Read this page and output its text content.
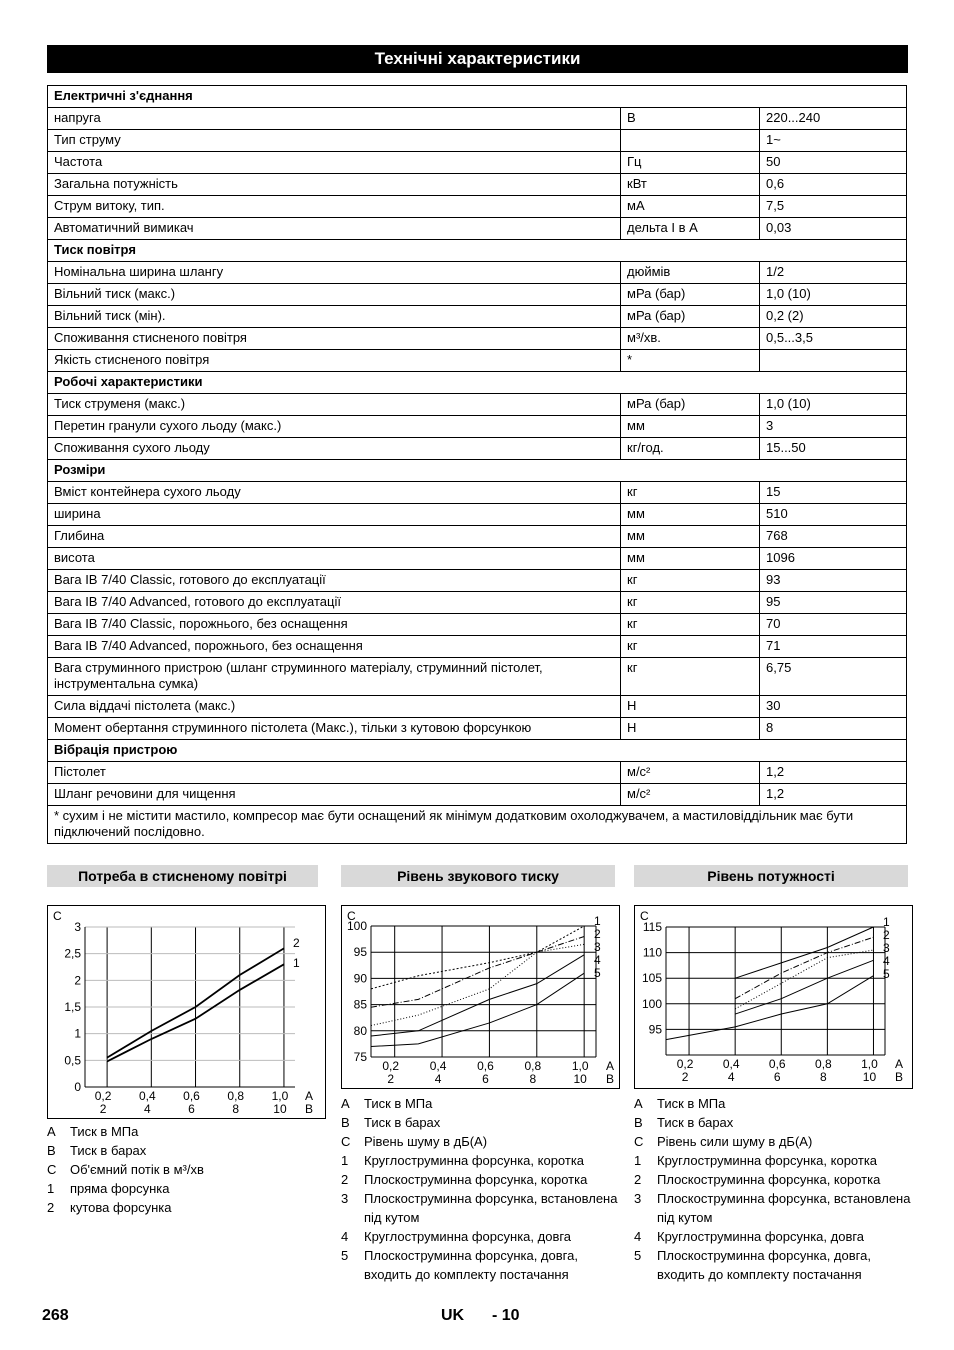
Технічні характеристики
Електричні з'єднання		
напруга	В	220...240
Тип струму		1~
Частота	Гц	50
Загальна потужність	кВт	0,6
Струм витоку, тип.	мА	7,5
Автоматичний вимикач	дельта I в A	0,03
Тиск повітря		
Номінальна ширина шлангу	дюймів	1/2
Вільний тиск (макс.)	мРа (бар)	1,0 (10)
Вільний тиск (мін).	мРа (бар)	0,2 (2)
Споживання стисненого повітря	м³/хв.	0,5...3,5
Якість стисненого повітря	*	
Робочі характеристики		
Тиск струменя (макс.)	мРа (бар)	1,0 (10)
Перетин гранули сухого льоду (макс.)	мм	3
Споживання сухого льоду	кг/год.	15...50
Розміри		
Вміст контейнера сухого льоду	кг	15
ширина	мм	510
Глибина	мм	768
висота	мм	1096
Вага IB 7/40 Classic, готового до експлуатації	кг	93
Вага IB 7/40 Advanced, готового до експлуатації	кг	95
Вага IB 7/40 Classic, порожнього, без оснащення	кг	70
Вага IB 7/40 Advanced, порожнього, без оснащення	кг	71
Вага струминного пристрою (шланг струминного матеріалу, струминний пістолет, інструментальна сумка)	кг	6,75
Сила віддачі пістолета (макс.)	Н	30
Момент обертання струминного пістолета (Макс.), тільки з кутовою форсункою	Н	8
Вібрація пристрою		
Пістолет	м/с²	1,2
Шланг речовини для чищення	м/с²	1,2
* сухим і не містити мастило, компресор має бути оснащений як мінімум додатковим охолоджувачем, а мастиловіддільник має бути підключений послідовно.		
Потреба в стисненому повітрі	Рівень звукового тиску	Рівень потужності
0,2
2
0,4
4
0,6
6
0,8
8
1,0
10
0
0,5
1
1,5
2
2,5
3
C
A
B
2
1
0,2
2
0,4
4
0,6
6
0,8
8
1,0
10
75
80
85
90
95
100
C
A
B
1
2
3
4
5
0,2
2
0,4
4
0,6
6
0,8
8
1,0
10
95
100
105
110
115
C
A
B
1
2
3
4
5
A Тиск в МПа
B Тиск в барах
C Об'ємний потік в м³/хв
1 пряма форсунка
2 кутова форсунка
A Тиск в МПа
B Тиск в барах
C Рівень шуму в дБ(A)
1 Круглоструминна форсунка, коротка
2 Плоскоструминна форсунка, коротка
3 Плоскоструминна форсунка, встановлена під кутом
4 Круглоструминна форсунка, довга
5 Плоскоструминна форсунка, довга, входить до комплекту постачання
A Тиск в МПа
B Тиск в барах
C Рівень сили шуму в дБ(A)
1 Круглоструминна форсунка, коротка
2 Плоскоструминна форсунка, коротка
3 Плоскоструминна форсунка, встановлена під кутом
4 Круглоструминна форсунка, довга
5 Плоскоструминна форсунка, довга, входить до комплекту постачання
268	UK - 10
